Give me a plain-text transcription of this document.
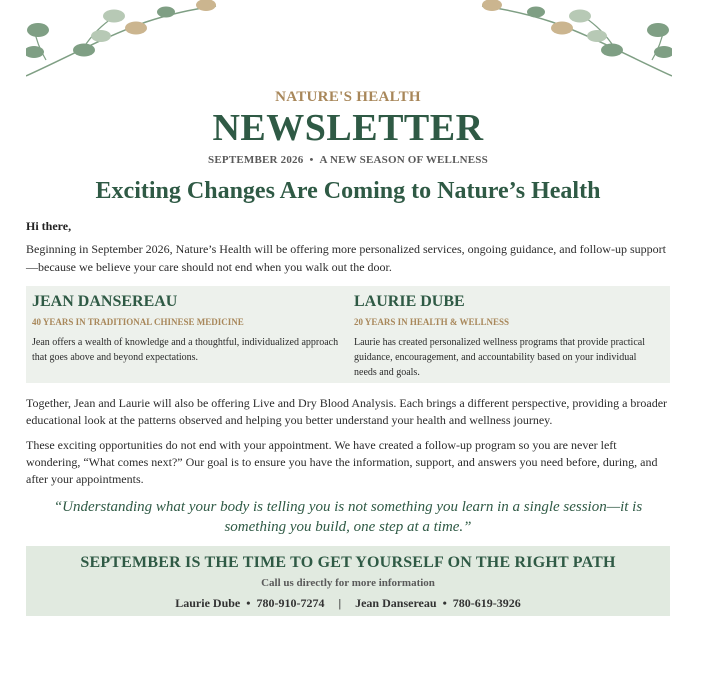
NATURE'S HEALTH
NEWSLETTER
SEPTEMBER 2026 • A NEW SEASON OF WELLNESS
Exciting Changes Are Coming to Nature’s Health
Hi there,
Beginning in September 2026, Nature’s Health will be offering more personalized services, ongoing guidance, and follow-up support—because we believe your care should not end when you walk out the door.
JEAN DANSEREAU
40 YEARS IN TRADITIONAL CHINESE MEDICINE
Jean offers a wealth of knowledge and a thoughtful, individualized approach that goes above and beyond expectations.
LAURIE DUBE
20 YEARS IN HEALTH & WELLNESS
Laurie has created personalized wellness programs that provide practical guidance, encouragement, and accountability based on your individual needs and goals.
Together, Jean and Laurie will also be offering Live and Dry Blood Analysis. Each brings a different perspective, providing a broader educational look at the patterns observed and helping you better understand your health and wellness journey.
These exciting opportunities do not end with your appointment. We have created a follow-up program so you are never left wondering, “What comes next?” Our goal is to ensure you have the information, support, and answers you need before, during, and after your appointments.
“Understanding what your body is telling you is not something you learn in a single session—it is something you build, one step at a time.”
SEPTEMBER IS THE TIME TO GET YOURSELF ON THE RIGHT PATH
Call us directly for more information
Laurie Dube • 780-910-7274 | Jean Dansereau • 780-619-3926
